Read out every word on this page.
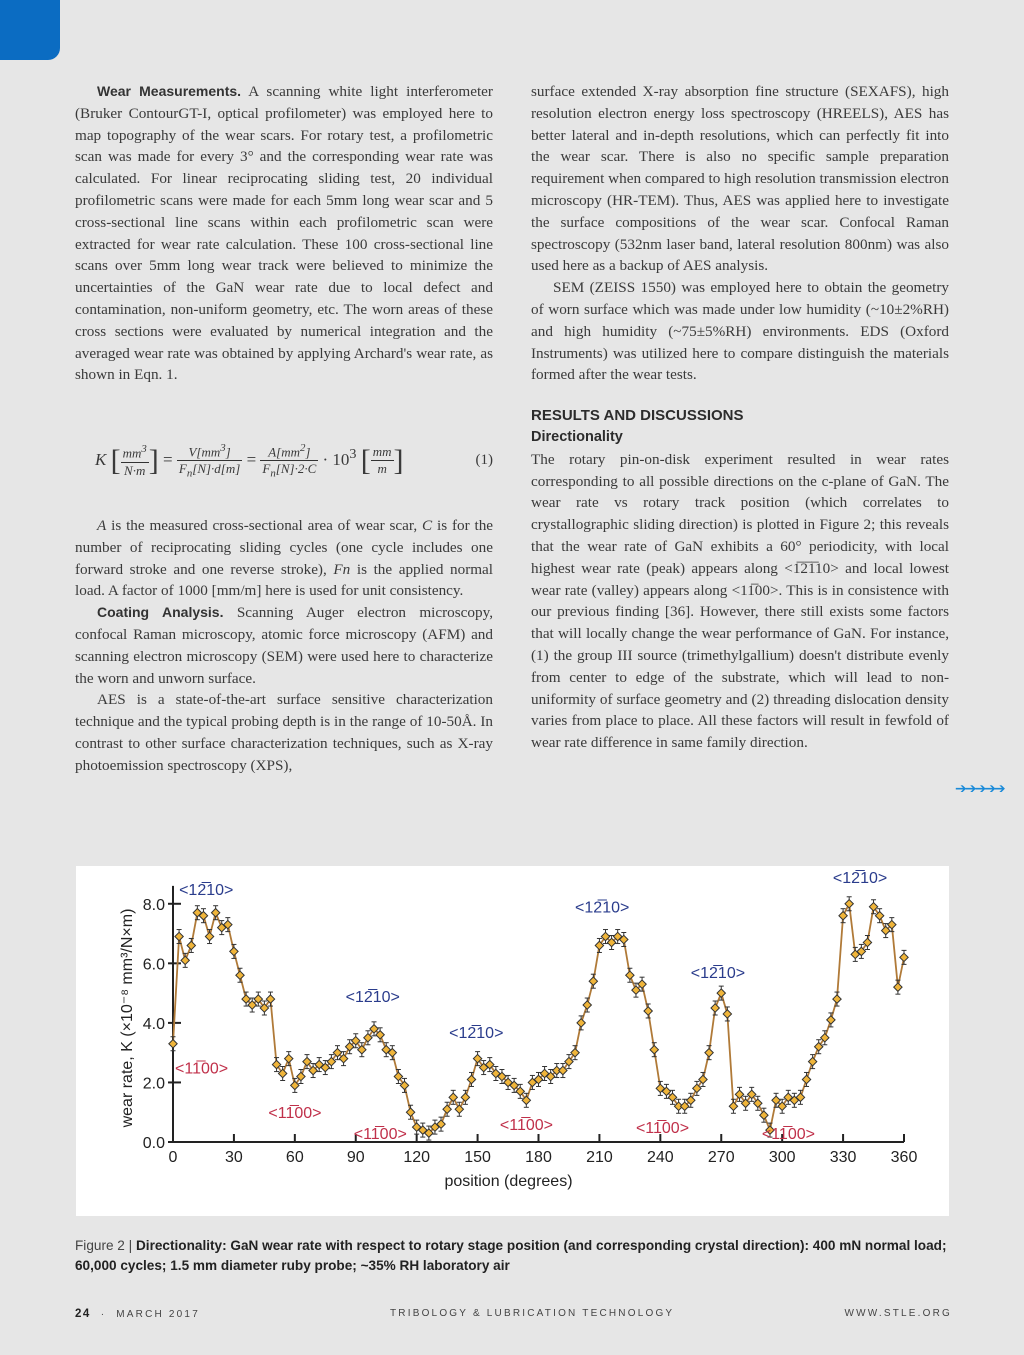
Wear Measurements. A scanning white light interferometer (Bruker ContourGT-I, optical profilometer) was employed here to map topography of the wear scars. For rotary test, a profilometric scan was made for every 3° and the corresponding wear rate was calculated. For linear reciprocating sliding test, 20 individual profilometric scans were made for each 5mm long wear scar and 5 cross-sectional line scans within each profilometric scan were extracted for wear rate calculation. These 100 cross-sectional line scans over 5mm long wear track were believed to minimize the uncertainties of the GaN wear rate due to local defect and contamination, non-uniform geometry, etc. The worn areas of these cross sections were evaluated by numerical integration and the averaged wear rate was obtained by applying Archard's wear rate, as shown in Eqn. 1.

K [ $\frac{mm^3}{N\cdot m}$ ] = $\frac{V[mm^3]}{F_n[N]\cdot d[m]} = \frac{A[mm^2]}{F_n[N]\cdot 2\cdot C} \cdot 10^3$ [ $\frac{mm}{m}$ ]	(1)

A is the measured cross-sectional area of wear scar, C is for the number of reciprocating sliding cycles (one cycle includes one forward stroke and one reverse stroke), Fn is the applied normal load. A factor of 1000 [mm/m] here is used for unit consistency.

Coating Analysis. Scanning Auger electron microscopy, confocal Raman microscopy, atomic force microscopy (AFM) and scanning electron microscopy (SEM) were used here to characterize the worn and unworn surface.

AES is a state-of-the-art surface sensitive characterization technique and the typical probing depth is in the range of 10-50Å. In contrast to other surface characterization techniques, such as X-ray photoemission spectroscopy (XPS),

surface extended X-ray absorption fine structure (SEXAFS), high resolution electron energy loss spectroscopy (HREELS), AES has better lateral and in-depth resolutions, which can perfectly fit into the wear scar. There is also no specific sample preparation requirement when compared to high resolution transmission electron microscopy (HR-TEM). Thus, AES was applied here to investigate the surface compositions of the wear scar. Confocal Raman spectroscopy (532nm laser band, lateral resolution 800nm) was also used here as a backup of AES analysis.

SEM (ZEISS 1550) was employed here to obtain the geometry of worn surface which was made under low humidity (~10±2%RH) and high humidity (~75±5%RH) environments. EDS (Oxford Instruments) was utilized here to compare distinguish the materials formed after the wear tests.

RESULTS AND DISCUSSIONS

Directionality

The rotary pin-on-disk experiment resulted in wear rates corresponding to all possible directions on the c-plane of GaN. The wear rate vs rotary track position (which correlates to crystallographic sliding direction) is plotted in Figure 2; this reveals that the wear rate of GaN exhibits a 60° periodicity, with local highest wear rate (peak) appears along <1̅2̅1̅10> and local lowest wear rate (valley) appears along <11̅00>. This is in consistence with our previous finding [36]. However, there still exists some factors that will locally change the wear performance of GaN. For instance, (1) the group III source (trimethylgallium) doesn't distribute evenly from center to edge of the substrate, which will lead to non-uniformity of surface geometry and (2) threading dislocation density varies from place to place. All these factors will result in fewfold of wear rate difference in same family direction.

➔➔➔➔➔
0	30	60	90 120 150 180 210 240 270 300 330 360
0.0
2.0
4.0
6.0
8.0
<12̅10>
<11̅00>
<11̅00>
<12̅10>
<11̅00>
<12̅10>
<11̅00>
<12̅10>
<11̅00>
<12̅10>
<11̅00>
<12̅10>
position (degrees)
wear rate, K (×10⁻⁸ mm³/N×m)
Figure 2 | Directionality: GaN wear rate with respect to rotary stage position (and corresponding crystal direction): 400 mN normal load; 60,000 cycles; 1.5 mm diameter ruby probe; ~35% RH laboratory air
24 · MARCH 2017	TRIBOLOGY & LUBRICATION TECHNOLOGY	WWW.STLE.ORG
